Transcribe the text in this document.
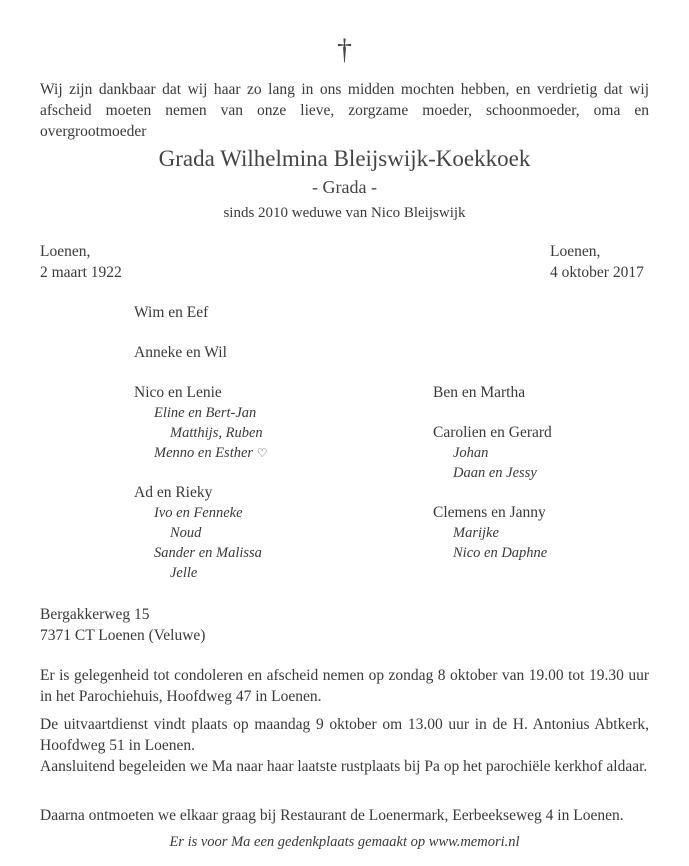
†
Wij zijn dankbaar dat wij haar zo lang in ons midden mochten hebben, en verdrietig dat wij afscheid moeten nemen van onze lieve, zorgzame moeder, schoonmoeder, oma en overgrootmoeder
Grada Wilhelmina Bleijswijk-Koekkoek
- Grada -
sinds 2010 weduwe van Nico Bleijswijk
Loenen,
2 maart 1922
Loenen,
4 oktober 2017
Wim en Eef
Anneke en Wil
Nico en Lenie
Eline en Bert-Jan
Matthijs, Ruben
Menno en Esther ♡
Ad en Rieky
Ivo en Fenneke
Noud
Sander en Malissa
Jelle
Ben en Martha
Carolien en Gerard
Johan
Daan en Jessy
Clemens en Janny
Marijke
Nico en Daphne
Bergakkerweg 15
7371 CT Loenen (Veluwe)
Er is gelegenheid tot condoleren en afscheid nemen op zondag 8 oktober van 19.00 tot 19.30 uur in het Parochiehuis, Hoofdweg 47 in Loenen.
De uitvaartdienst vindt plaats op maandag 9 oktober om 13.00 uur in de H. Antonius Abtkerk, Hoofdweg 51 in Loenen.
Aansluitend begeleiden we Ma naar haar laatste rustplaats bij Pa op het parochiële kerkhof aldaar.
Daarna ontmoeten we elkaar graag bij Restaurant de Loenermark, Eerbeekseweg 4 in Loenen.
Er is voor Ma een gedenkplaats gemaakt op www.memori.nl
